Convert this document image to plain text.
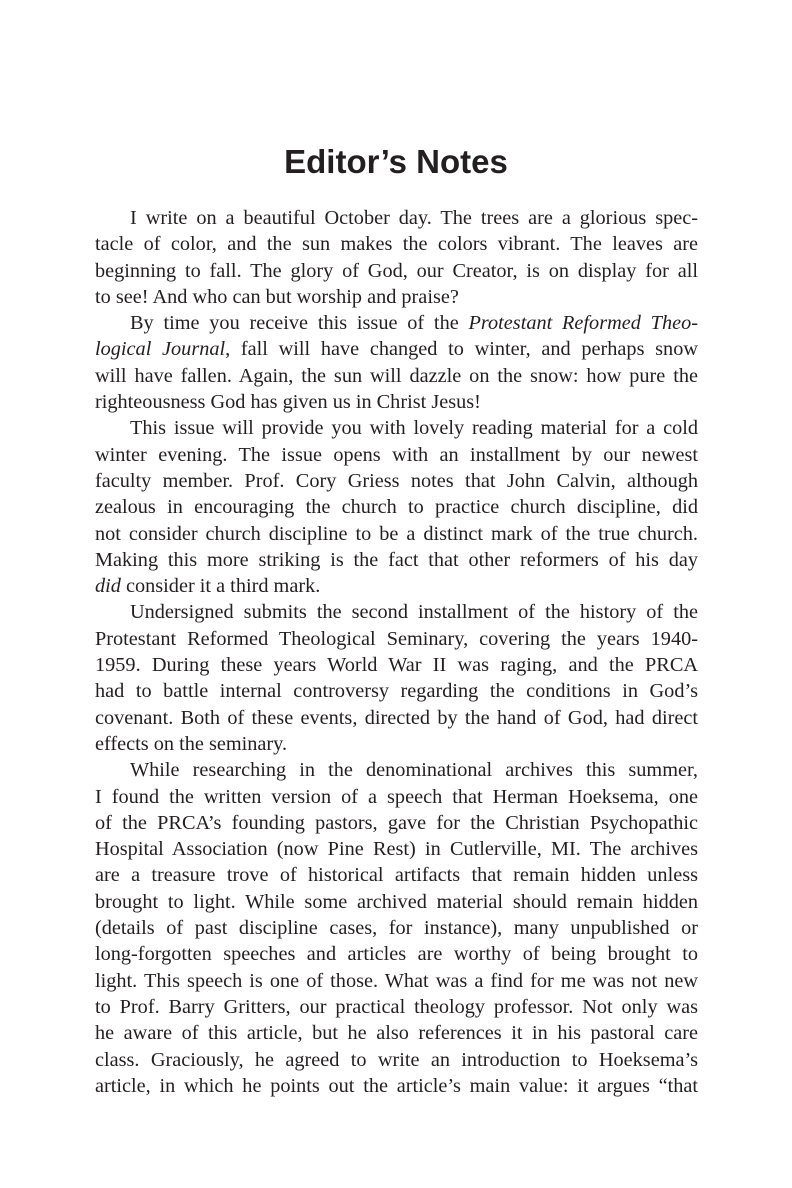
Editor’s Notes
I write on a beautiful October day. The trees are a glorious spec-
tacle of color, and the sun makes the colors vibrant. The leaves are
beginning to fall. The glory of God, our Creator, is on display for all
to see! And who can but worship and praise?
By time you receive this issue of the Protestant Reformed Theo-
logical Journal, fall will have changed to winter, and perhaps snow
will have fallen. Again, the sun will dazzle on the snow: how pure the
righteousness God has given us in Christ Jesus!
This issue will provide you with lovely reading material for a cold
winter evening. The issue opens with an installment by our newest
faculty member. Prof. Cory Griess notes that John Calvin, although
zealous in encouraging the church to practice church discipline, did
not consider church discipline to be a distinct mark of the true church.
Making this more striking is the fact that other reformers of his day
did consider it a third mark.
Undersigned submits the second installment of the history of the
Protestant Reformed Theological Seminary, covering the years 1940-
1959. During these years World War II was raging, and the PRCA
had to battle internal controversy regarding the conditions in God’s
covenant. Both of these events, directed by the hand of God, had direct
effects on the seminary.
While researching in the denominational archives this summer,
I found the written version of a speech that Herman Hoeksema, one
of the PRCA’s founding pastors, gave for the Christian Psychopathic
Hospital Association (now Pine Rest) in Cutlerville, MI. The archives
are a treasure trove of historical artifacts that remain hidden unless
brought to light. While some archived material should remain hidden
(details of past discipline cases, for instance), many unpublished or
long-forgotten speeches and articles are worthy of being brought to
light. This speech is one of those. What was a find for me was not new
to Prof. Barry Gritters, our practical theology professor. Not only was
he aware of this article, but he also references it in his pastoral care
class. Graciously, he agreed to write an introduction to Hoeksema’s
article, in which he points out the article’s main value: it argues “that
